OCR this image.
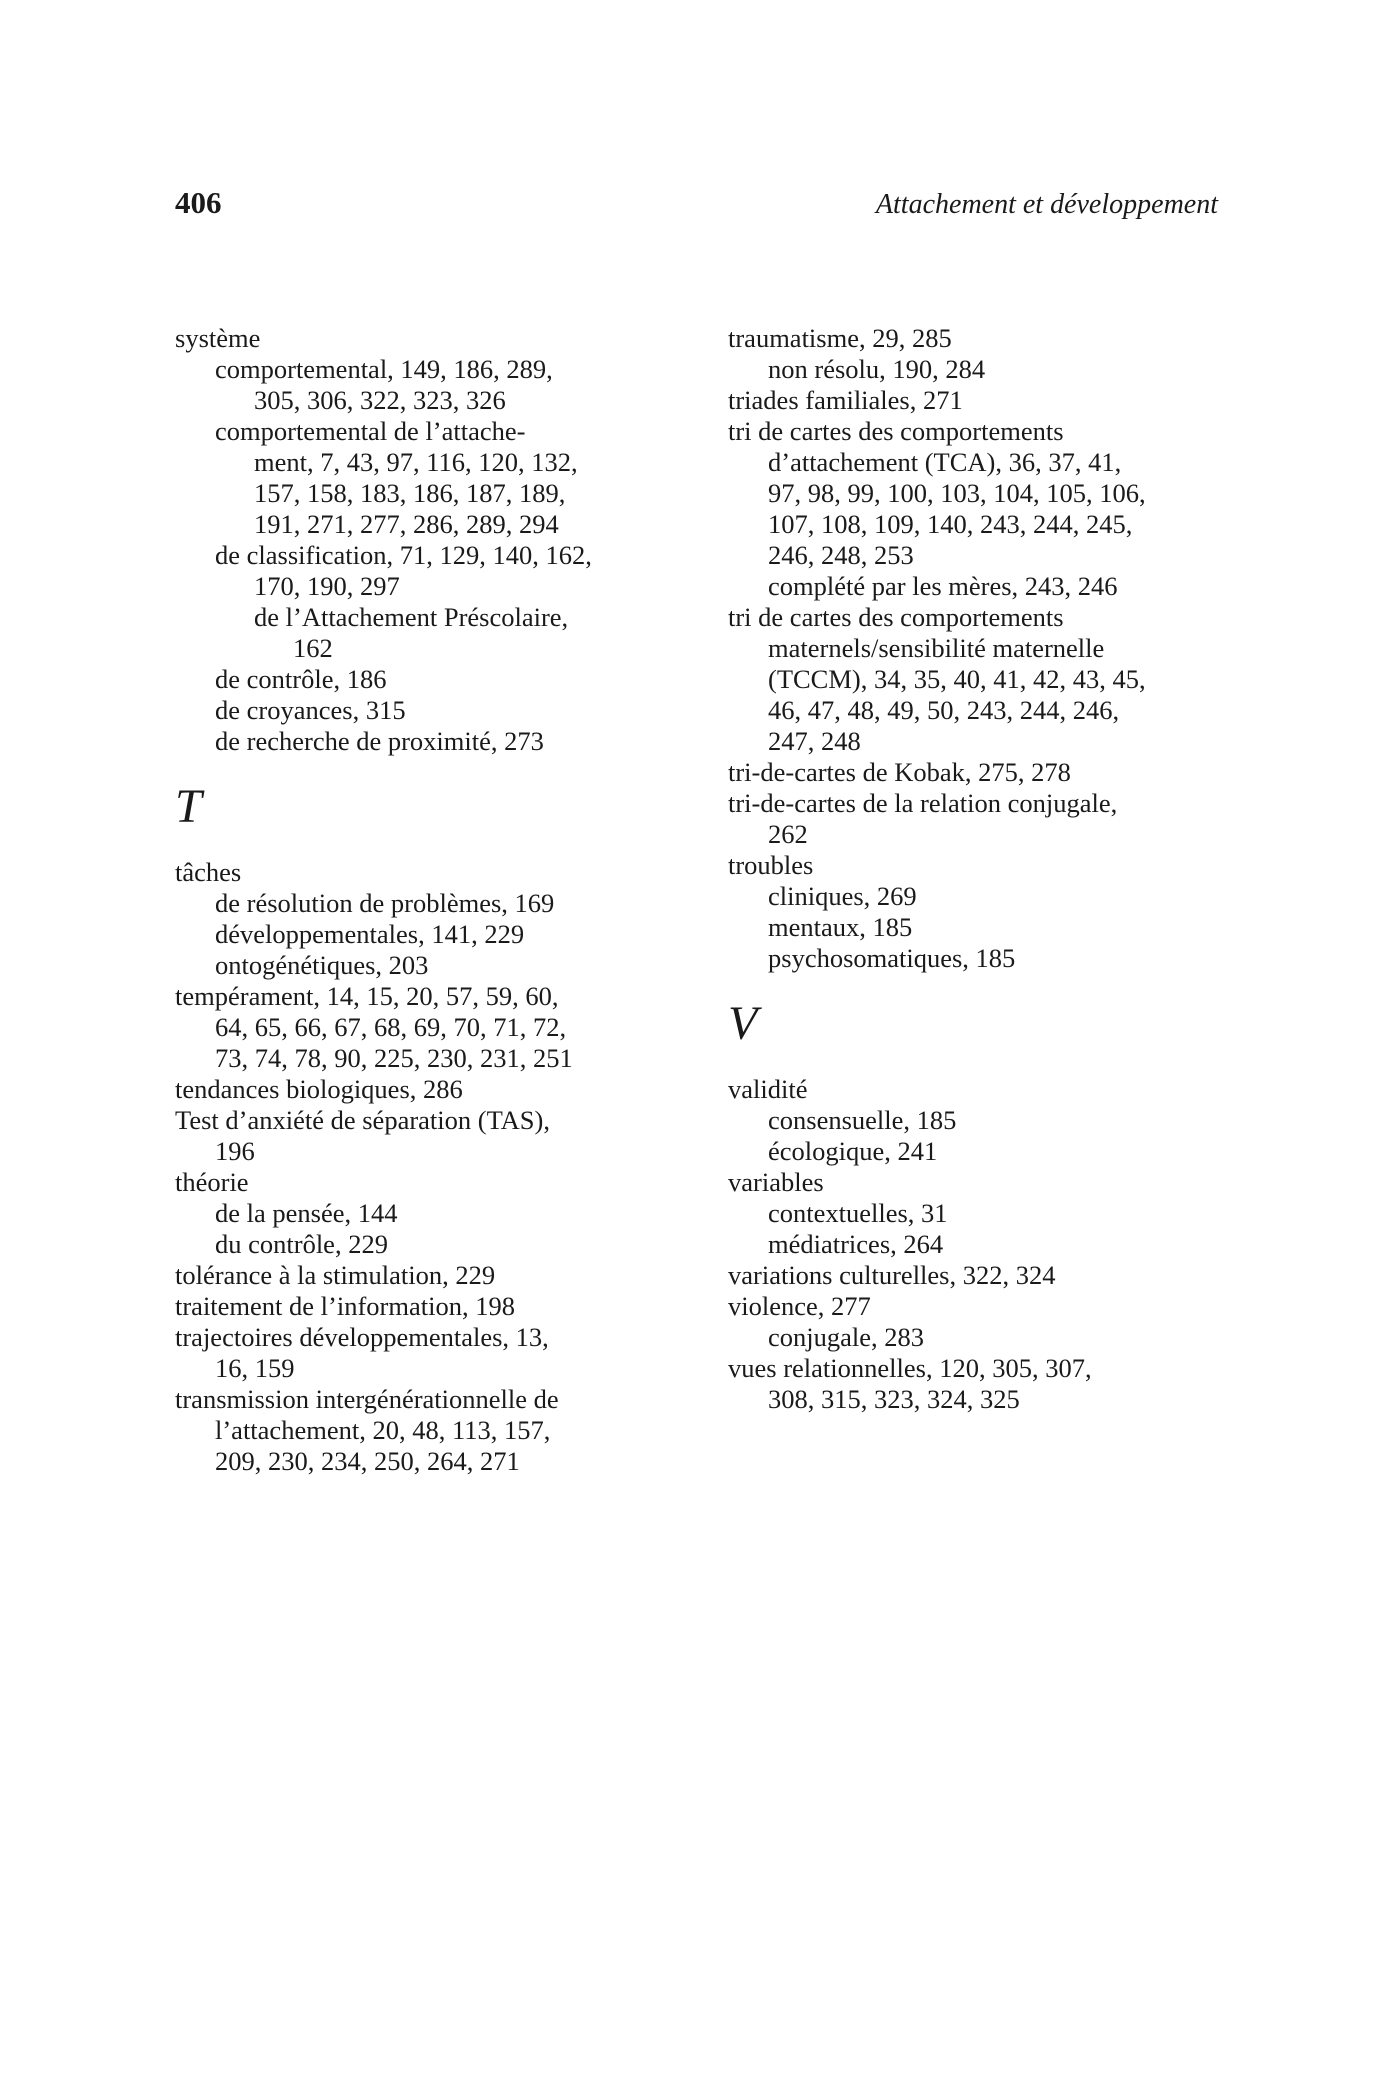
406	Attachement et développement
système
comportemental, 149, 186, 289,
305, 306, 322, 323, 326
comportemental de l’attache-
ment, 7, 43, 97, 116, 120, 132,
157, 158, 183, 186, 187, 189,
191, 271, 277, 286, 289, 294
de classification, 71, 129, 140, 162,
170, 190, 297
de l’Attachement Préscolaire,
162
de contrôle, 186
de croyances, 315
de recherche de proximité, 273
T
tâches
de résolution de problèmes, 169
développementales, 141, 229
ontogénétiques, 203
tempérament, 14, 15, 20, 57, 59, 60,
64, 65, 66, 67, 68, 69, 70, 71, 72,
73, 74, 78, 90, 225, 230, 231, 251
tendances biologiques, 286
Test d’anxiété de séparation (TAS),
196
théorie
de la pensée, 144
du contrôle, 229
tolérance à la stimulation, 229
traitement de l’information, 198
trajectoires développementales, 13,
16, 159
transmission intergénérationnelle de
l’attachement, 20, 48, 113, 157,
209, 230, 234, 250, 264, 271
traumatisme, 29, 285
non résolu, 190, 284
triades familiales, 271
tri de cartes des comportements
d’attachement (TCA), 36, 37, 41,
97, 98, 99, 100, 103, 104, 105, 106,
107, 108, 109, 140, 243, 244, 245,
246, 248, 253
complété par les mères, 243, 246
tri de cartes des comportements
maternels/sensibilité maternelle
(TCCM), 34, 35, 40, 41, 42, 43, 45,
46, 47, 48, 49, 50, 243, 244, 246,
247, 248
tri-de-cartes de Kobak, 275, 278
tri-de-cartes de la relation conjugale,
262
troubles
cliniques, 269
mentaux, 185
psychosomatiques, 185
V
validité
consensuelle, 185
écologique, 241
variables
contextuelles, 31
médiatrices, 264
variations culturelles, 322, 324
violence, 277
conjugale, 283
vues relationnelles, 120, 305, 307,
308, 315, 323, 324, 325
